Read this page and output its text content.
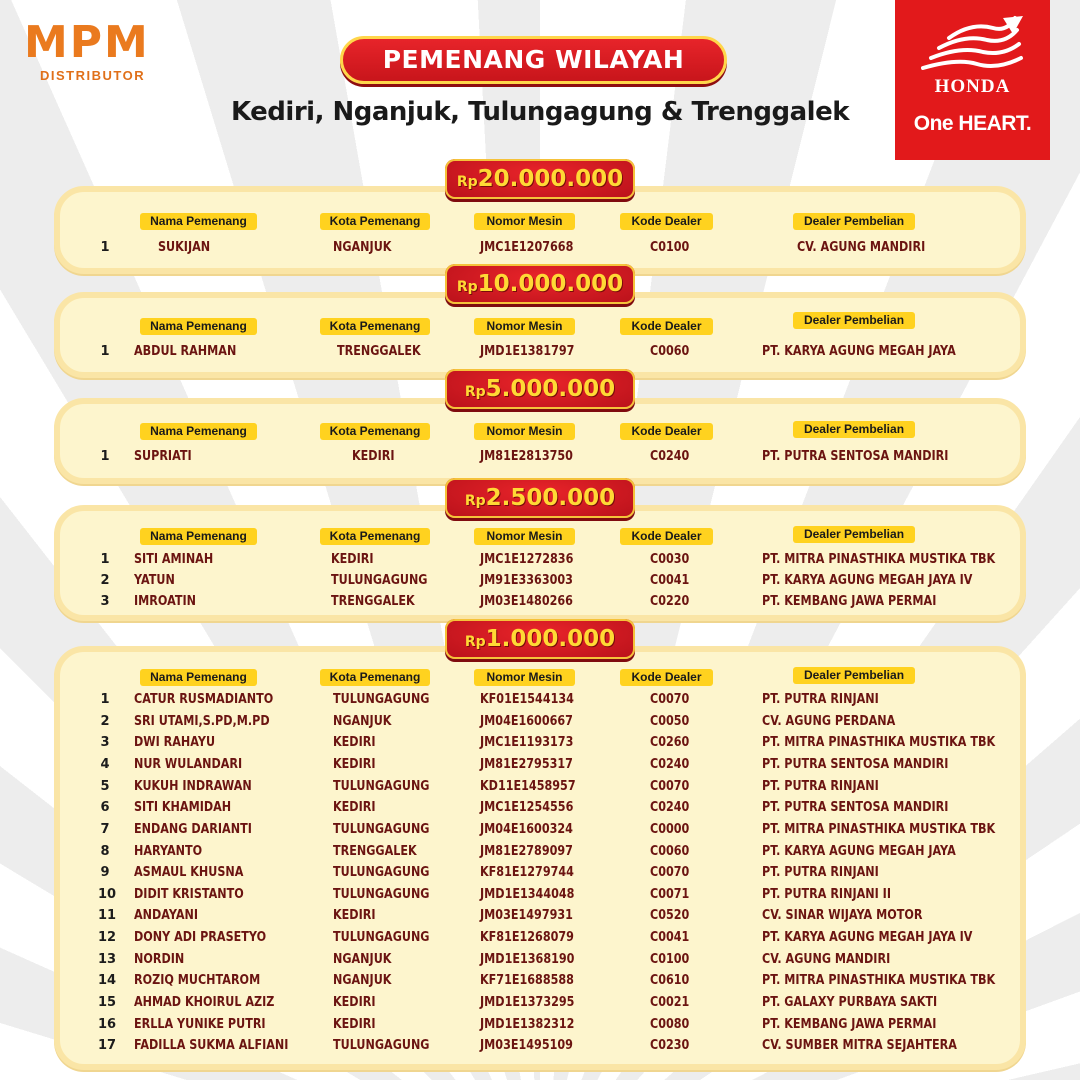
MPM
DISTRIBUTOR
PEMENANG WILAYAH
Kediri, Nganjuk, Tulungagung & Trenggalek
HONDA
One HEART.
Rp20.000.000
Nama Pemenang	Kota Pemenang	Nomor Mesin	Kode Dealer	Dealer Pembelian
1	SUKIJAN	NGANJUK	JMC1E1207668	C0100	CV. AGUNG MANDIRI
Rp10.000.000
Nama Pemenang	Kota Pemenang	Nomor Mesin	Kode Dealer	Dealer Pembelian
1 ABDUL RAHMAN	TRENGGALEK	JMD1E1381797	C0060	PT. KARYA AGUNG MEGAH JAYA
Rp5.000.000
Nama Pemenang	Kota Pemenang	Nomor Mesin	Kode Dealer	Dealer Pembelian
1 SUPRIATI	KEDIRI	JM81E2813750	C0240	PT. PUTRA SENTOSA MANDIRI
Rp2.500.000
Nama Pemenang	Kota Pemenang	Nomor Mesin	Kode Dealer	Dealer Pembelian
1 SITI AMINAH	KEDIRI	JMC1E1272836	C0030	PT. MITRA PINASTHIKA MUSTIKA TBK
2 YATUN	TULUNGAGUNG	JM91E3363003	C0041	PT. KARYA AGUNG MEGAH JAYA IV
3 IMROATIN	TRENGGALEK	JM03E1480266	C0220	PT. KEMBANG JAWA PERMAI
Rp1.000.000
Nama Pemenang	Kota Pemenang	Nomor Mesin	Kode Dealer	Dealer Pembelian
1 CATUR RUSMADIANTO	TULUNGAGUNG	KF01E1544134	C0070	PT. PUTRA RINJANI
2 SRI UTAMI,S.PD,M.PD	NGANJUK	JM04E1600667	C0050	CV. AGUNG PERDANA
3 DWI RAHAYU	KEDIRI	JMC1E1193173	C0260	PT. MITRA PINASTHIKA MUSTIKA TBK
4 NUR WULANDARI	KEDIRI	JM81E2795317	C0240	PT. PUTRA SENTOSA MANDIRI
5 KUKUH INDRAWAN	TULUNGAGUNG	KD11E1458957	C0070	PT. PUTRA RINJANI
6 SITI KHAMIDAH	KEDIRI	JMC1E1254556	C0240	PT. PUTRA SENTOSA MANDIRI
7 ENDANG DARIANTI	TULUNGAGUNG	JM04E1600324	C0000	PT. MITRA PINASTHIKA MUSTIKA TBK
8 HARYANTO	TRENGGALEK	JM81E2789097	C0060	PT. KARYA AGUNG MEGAH JAYA
9 ASMAUL KHUSNA	TULUNGAGUNG	KF81E1279744	C0070	PT. PUTRA RINJANI
10 DIDIT KRISTANTO	TULUNGAGUNG	JMD1E1344048	C0071	PT. PUTRA RINJANI II
11 ANDAYANI	KEDIRI	JM03E1497931	C0520	CV. SINAR WIJAYA MOTOR
12 DONY ADI PRASETYO	TULUNGAGUNG	KF81E1268079	C0041	PT. KARYA AGUNG MEGAH JAYA IV
13 NORDIN	NGANJUK	JMD1E1368190	C0100	CV. AGUNG MANDIRI
14 ROZIQ MUCHTAROM	NGANJUK	KF71E1688588	C0610	PT. MITRA PINASTHIKA MUSTIKA TBK
15 AHMAD KHOIRUL AZIZ	KEDIRI	JMD1E1373295	C0021	PT. GALAXY PURBAYA SAKTI
16 ERLLA YUNIKE PUTRI	KEDIRI	JMD1E1382312	C0080	PT. KEMBANG JAWA PERMAI
17 FADILLA SUKMA ALFIANI	TULUNGAGUNG	JM03E1495109	C0230	CV. SUMBER MITRA SEJAHTERA
